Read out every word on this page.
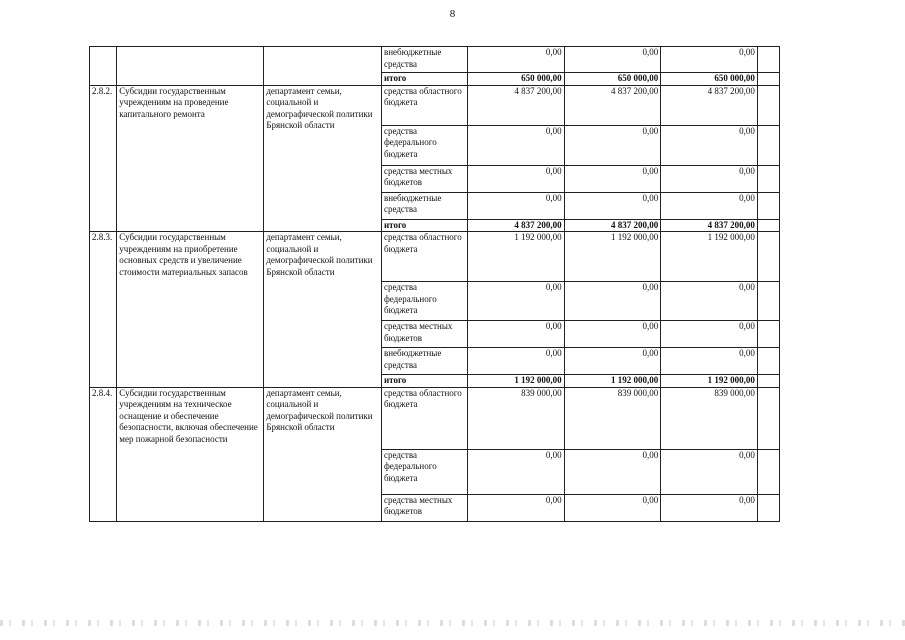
8
			внебюджетные средства	0,00	0,00	0,00	
			итого	650 000,00	650 000,00	650 000,00	
2.8.2.	Субсидии государственным учреждениям на проведение капитального ремонта	департамент семьи, социальной и демографической политики Брянской области	средства областного бюджета	4 837 200,00	4 837 200,00	4 837 200,00	
			средства федерального бюджета	0,00	0,00	0,00	
			средства местных бюджетов	0,00	0,00	0,00	
			внебюджетные средства	0,00	0,00	0,00	
			итого	4 837 200,00	4 837 200,00	4 837 200,00	
2.8.3.	Субсидии государственным учреждениям на приобретение основных средств и увеличение стоимости материальных запасов	департамент семьи, социальной и демографической политики Брянской области	средства областного бюджета	1 192 000,00	1 192 000,00	1 192 000,00	
			средства федерального бюджета	0,00	0,00	0,00	
			средства местных бюджетов	0,00	0,00	0,00	
			внебюджетные средства	0,00	0,00	0,00	
			итого	1 192 000,00	1 192 000,00	1 192 000,00	
2.8.4.	Субсидии государственным учреждениям на техническое оснащение и обеспечение безопасности, включая обеспечение мер пожарной безопасности	департамент семьи, социальной и демографической политики Брянской области	средства областного бюджета	839 000,00	839 000,00	839 000,00	
			средства федерального бюджета	0,00	0,00	0,00	
			средства местных бюджетов	0,00	0,00	0,00	
